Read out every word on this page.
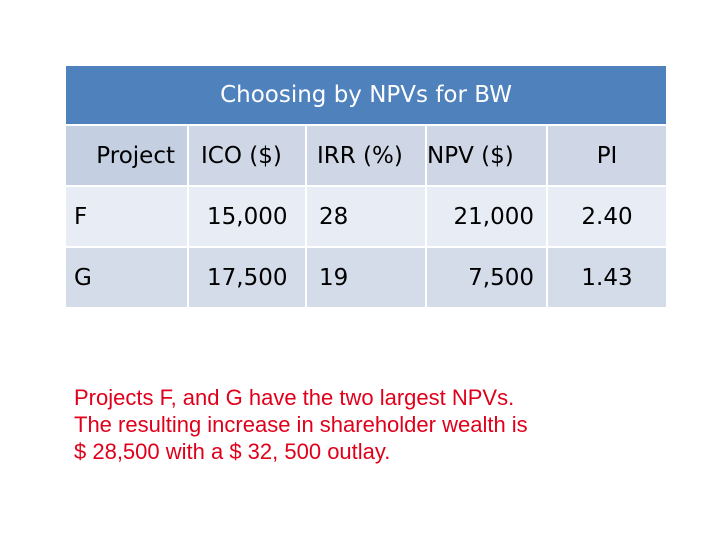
Choosing by NPVs for BW				
Project	ICO ($)	IRR (%)	NPV ($)	PI
F	15,000	28	21,000	2.40
G	17,500	19	7,500	1.43
Projects F, and G have the two largest NPVs.
The resulting increase in shareholder wealth is
$ 28,500 with a $ 32, 500 outlay.
